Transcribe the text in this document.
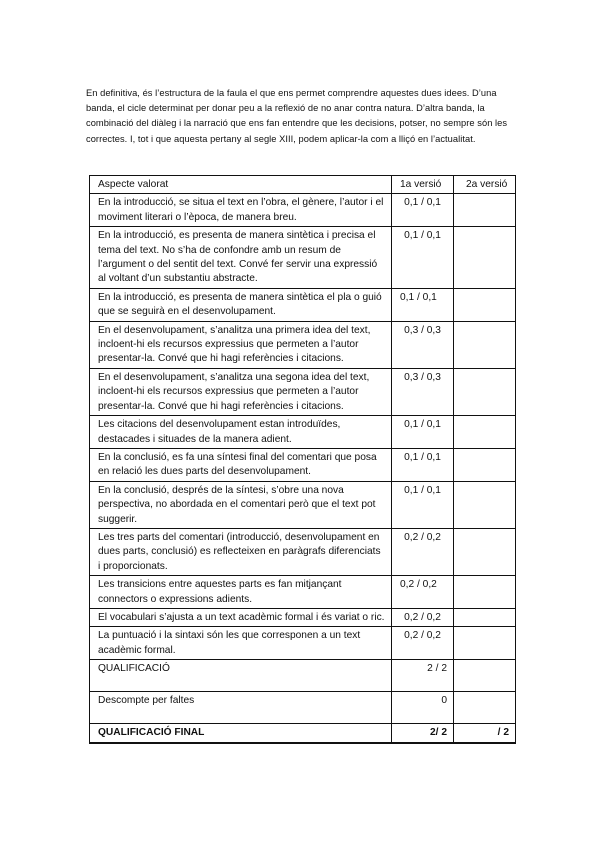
En definitiva, és l’estructura de la faula el que ens permet comprendre aquestes dues idees. D’una banda, el cicle determinat per donar peu a la reflexió de no anar contra natura. D’altra banda, la combinació del diàleg i la narració que ens fan entendre que les decisions, potser, no sempre són les correctes. I, tot i que aquesta pertany al segle XIII, podem aplicar-la com a lliçó en l’actualitat.

Aspecte valorat	1a versió	2a versió
En la introducció, se situa el text en l’obra, el gènere, l’autor i el moviment literari o l’època, de manera breu.	0,1 / 0,1	
En la introducció, es presenta de manera sintètica i precisa el tema del text. No s’ha de confondre amb un resum de l’argument o del sentit del text. Convé fer servir una expressió al voltant d’un substantiu abstracte.	0,1 / 0,1	
En la introducció, es presenta de manera sintètica el pla o guió que se seguirà en el desenvolupament.	0,1 / 0,1	
En el desenvolupament, s’analitza una primera idea del text, incloent-hi els recursos expressius que permeten a l’autor presentar-la. Convé que hi hagi referències i citacions.	0,3 / 0,3	
En el desenvolupament, s’analitza una segona idea del text, incloent-hi els recursos expressius que permeten a l’autor presentar-la. Convé que hi hagi referències i citacions.	0,3 / 0,3	
Les citacions del desenvolupament estan introduïdes, destacades i situades de la manera adient.	0,1 / 0,1	
En la conclusió, es fa una síntesi final del comentari que posa en relació les dues parts del desenvolupament.	0,1 / 0,1	
En la conclusió, després de la síntesi, s’obre una nova perspectiva, no abordada en el comentari però que el text pot suggerir.	0,1 / 0,1	
Les tres parts del comentari (introducció, desenvolupament en dues parts, conclusió) es reflecteixen en paràgrafs diferenciats i proporcionats.	0,2 / 0,2	
Les transicions entre aquestes parts es fan mitjançant connectors o expressions adients.	0,2 / 0,2	
El vocabulari s’ajusta a un text acadèmic formal i és variat o ric.	0,2 / 0,2	
La puntuació i la sintaxi són les que corresponen a un text acadèmic formal.	0,2 / 0,2	
QUALIFICACIÓ	2 / 2	
Descompte per faltes	0	
QUALIFICACIÓ FINAL	2/ 2	/ 2
